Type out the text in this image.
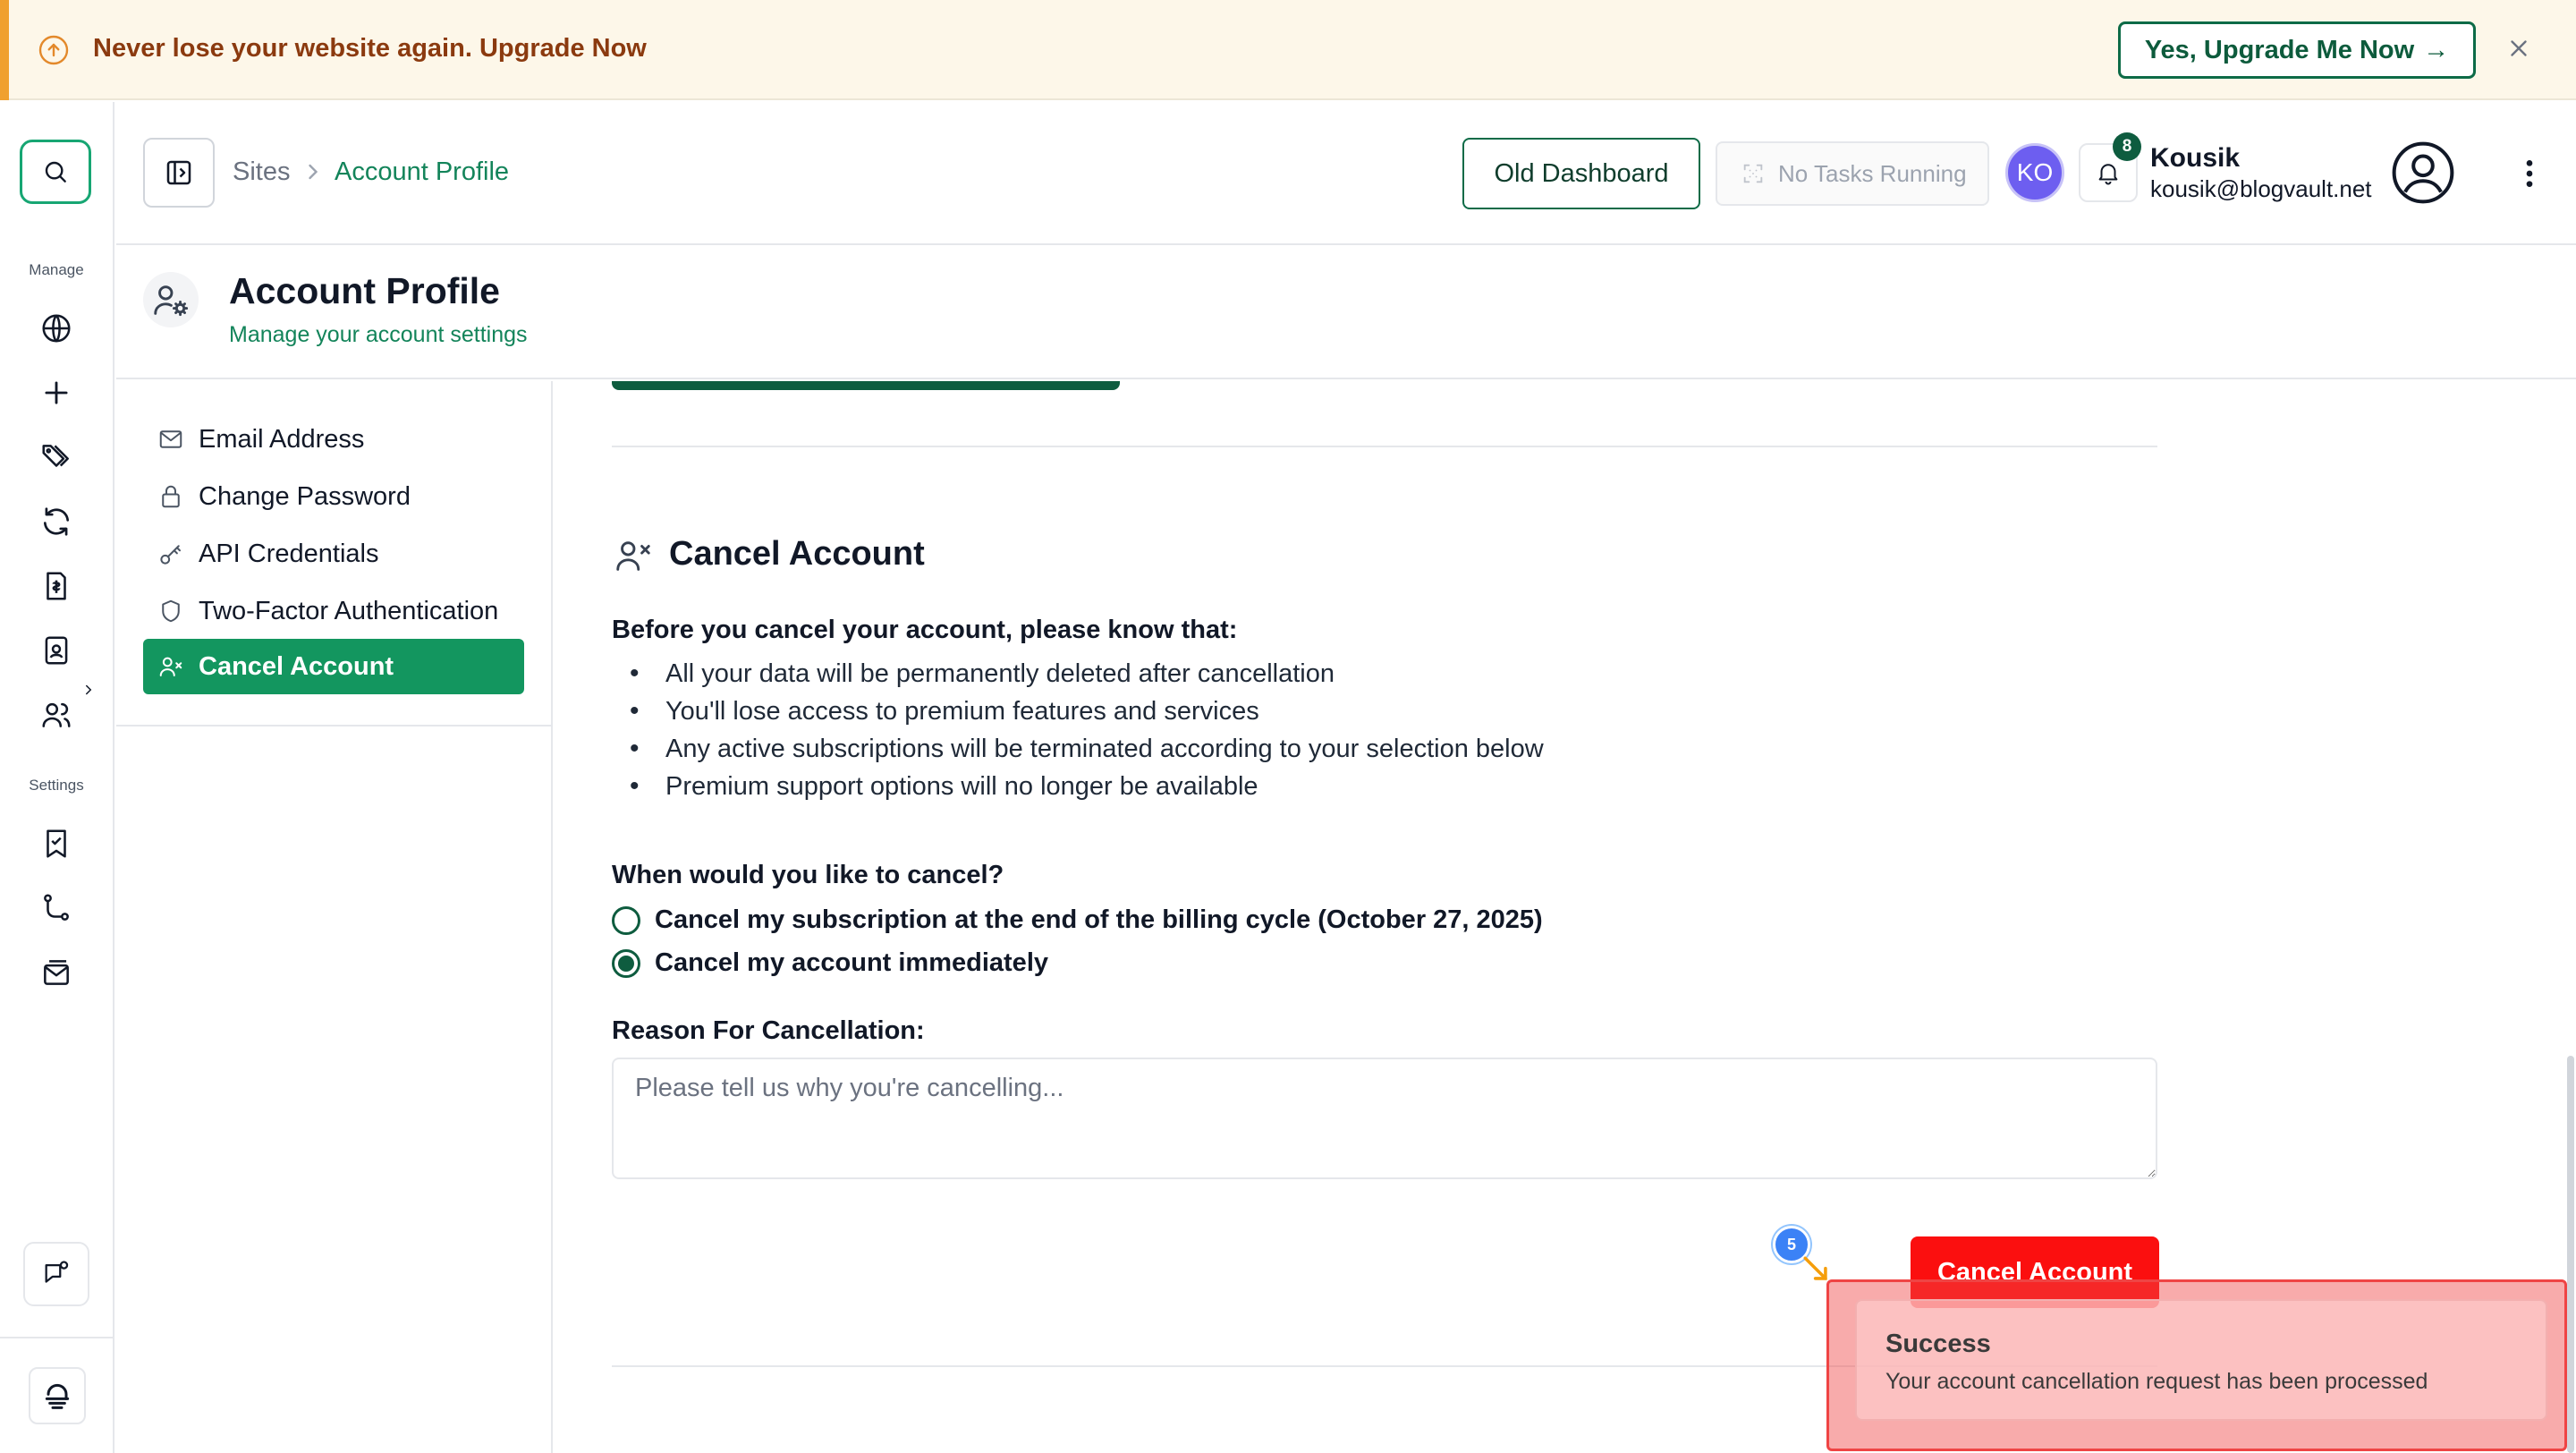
Never lose your website again. Upgrade Now	Yes, Upgrade Me Now →
Manage
Settings
Sites Account Profile	Old Dashboard	No Tasks Running	KO
8 Kousik
kousik@blogvault.net
Account Profile
Manage your account settings
Email Address
Change Password
API Credentials
Two-Factor Authentication
Cancel Account
Cancel Account

Before you cancel your account, please know that:

• All your data will be permanently deleted after cancellation
• You'll lose access to premium features and services
• Any active subscriptions will be terminated according to your selection below
• Premium support options will no longer be available

When would you like to cancel?

Cancel my subscription at the end of the billing cycle (October 27, 2025)
Cancel my account immediately

Reason For Cancellation:

Please tell us why you're cancelling...
Cancel Account
5
Success
Your account cancellation request has been processed
